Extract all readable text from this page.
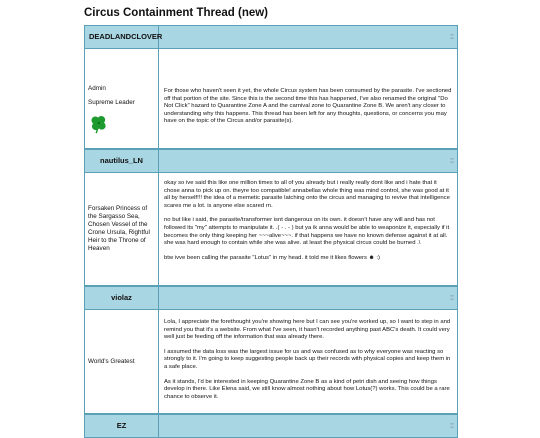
Circus Containment Thread (new)
DEADLANDCLOVER	::
Admin
Supreme Leader

For those who haven't seen it yet, the whole Circus system has been consumed by the parasite. I've sectioned off that portion of the site. Since this is the second time this has happened, I've also renamed the original "Do Not Click" hazard to Quarantine Zone A and the carnival zone to Quarantine Zone B. We aren't any closer to understanding why this happens. This thread has been left for any thoughts, questions, or concerns you may have on the topic of the Circus and/or parasite(s).

nautilus_LN	::
Forsaken Princess of the Sargasso Sea, Chosen Vessel of the Crone Ursula, Rightful Heir to the Throne of Heaven

okay so ive said this like one million times to all of you already but i really really dont like and i hate that it chose anna to pick up on. theyre too compatible! annabellas whole thing was mind control, she was good at it all by herself!!! the idea of a memetic parasite latching onto the circus and managing to revive that intelligence scares me a lot. is anyone else scared rn.

no but like i said, the parasite/transformer isnt dangerous on its own. it doesn't have any will and has not followed its "my" attempts to manipulate it. .( - . - ) but ya ik anna would be able to weaponize it, especially if it becomes the only thing keeping her ~~~alive~~~. if that happens we have no known defense against it at all. she was hard enough to contain while she was alive. at least the physical circus could be burned .\

btw ivve been calling the parasite "Lotus" in my head. it told me it likes flowers ☻ :)

violaz	::
World's Greatest

Lola, I appreciate the forethought you're showing here but I can see you're worked up, so I want to step in and remind you that it's a website. From what I've seen, it hasn't recorded anything past ABC's death. It could very well just be feeding off the information that was already there.

I assumed the data loss was the largest issue for us and was confused as to why everyone was reacting so strongly to it. I'm going to keep suggesting people back up their records with physical copies and keep them in a safe place.

As it stands, I'd be interested in keeping Quarantine Zone B as a kind of petri dish and seeing how things develop in there. Like Elena said, we still know almost nothing about how Lotus(?) works. This could be a rare chance to observe it.

EZ	::
